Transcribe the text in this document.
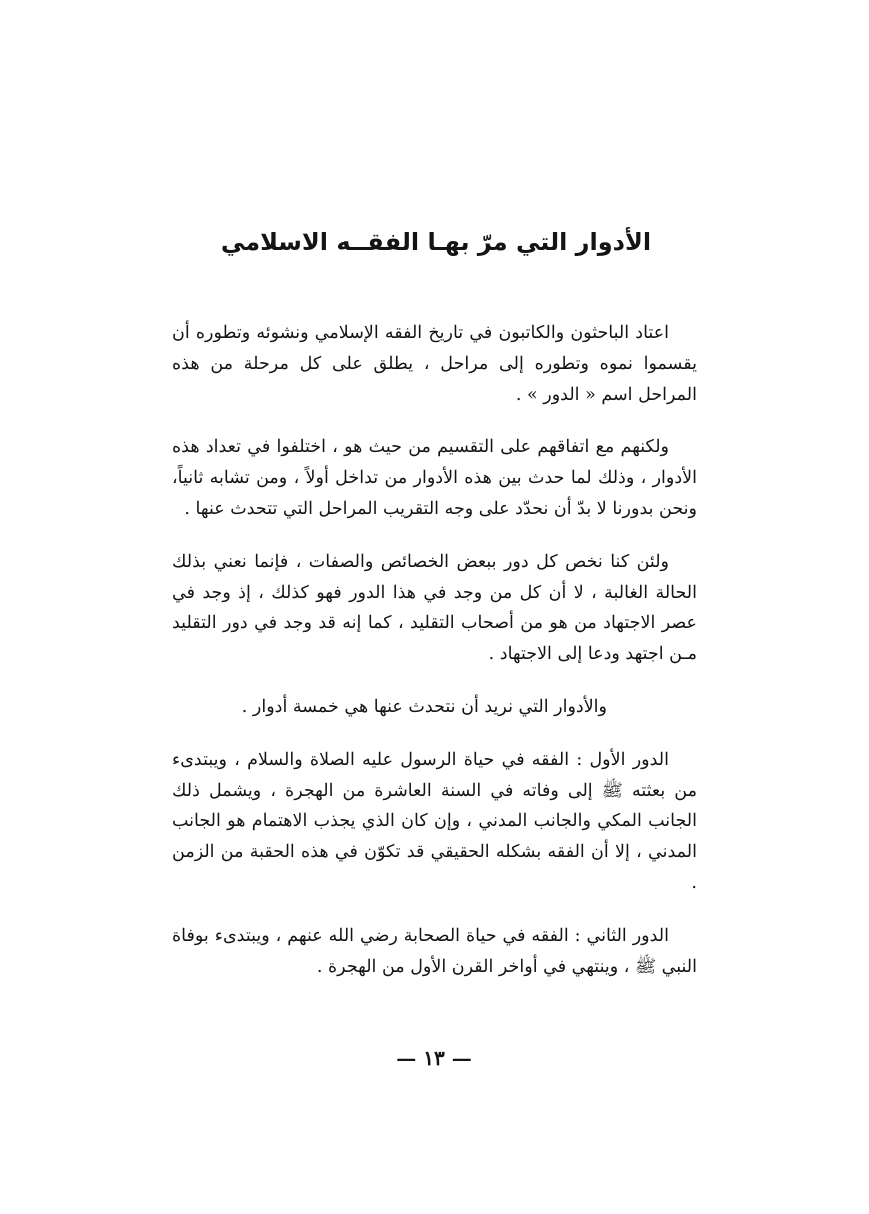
الأدوار التي مرّ بهـا الفقــه الاسلامي

اعتاد الباحثون والكاتبون في تاريخ الفقه الإسلامي ونشوئه وتطوره أن يقسموا نموه وتطوره إلى مراحل ، يطلق على كل مرحلة من هذه المراحل اسم « الدور » .

ولكنهم مع اتفاقهم على التقسيم من حيث هو ، اختلفوا في تعداد هذه الأدوار ، وذلك لما حدث بين هذه الأدوار من تداخل أولاً ، ومن تشابه ثانياً، ونحن بدورنا لا بدّ أن نحدّد على وجه التقريب المراحل التي تتحدث عنها .

ولئن كنا نخص كل دور ببعض الخصائص والصفات ، فإنما نعني بذلك الحالة الغالبة ، لا أن كل من وجد في هذا الدور فهو كذلك ، إذ وجد في عصر الاجتهاد من هو من أصحاب التقليد ، كما إنه قد وجد في دور التقليد مـن اجتهد ودعا إلى الاجتهاد .

والأدوار التي نريد أن نتحدث عنها هي خمسة أدوار .

الدور الأول : الفقه في حياة الرسول عليه الصلاة والسلام ، ويبتدىء من بعثته ﷺ إلى وفاته في السنة العاشرة من الهجرة ، ويشمل ذلك الجانب المكي والجانب المدني ، وإن كان الذي يجذب الاهتمام هو الجانب المدني ، إلا أن الفقه بشكله الحقيقي قد تكوّن في هذه الحقبة من الزمن .

الدور الثاني : الفقه في حياة الصحابة رضي الله عنهم ، ويبتدىء بوفاة النبي ﷺ ، وينتهي في أواخر القرن الأول من الهجرة .

— ١٣ —
